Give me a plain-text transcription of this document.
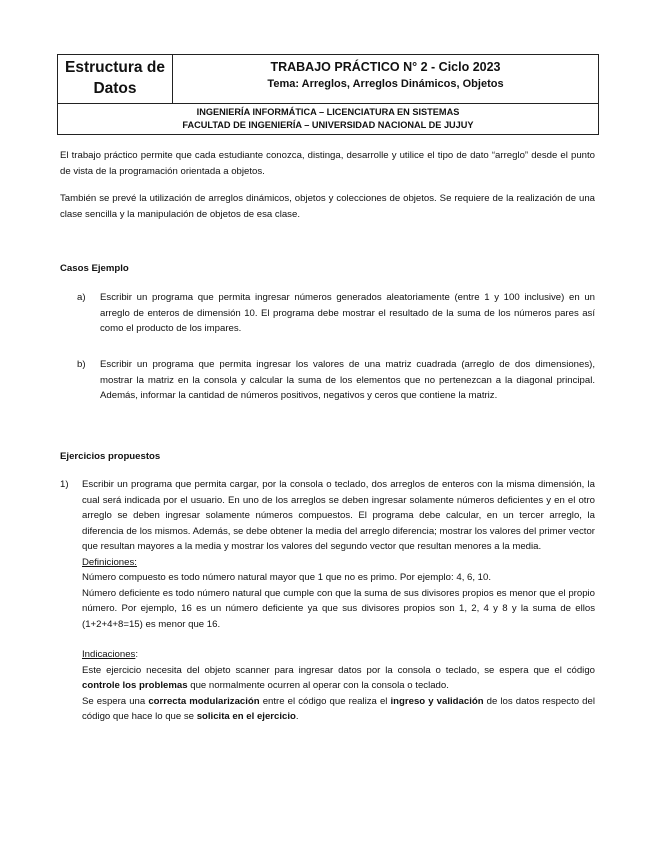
Estructura de Datos
TRABAJO PRÁCTICO N° 2 - Ciclo 2023
Tema: Arreglos, Arreglos Dinámicos, Objetos
INGENIERÍA INFORMÁTICA – LICENCIATURA EN SISTEMAS
FACULTAD DE INGENIERÍA – UNIVERSIDAD NACIONAL DE JUJUY
El trabajo práctico permite que cada estudiante conozca, distinga, desarrolle y utilice el tipo de dato “arreglo” desde el punto de vista de la programación orientada a objetos.
También se prevé la utilización de arreglos dinámicos, objetos y colecciones de objetos. Se requiere de la realización de una clase sencilla y la manipulación de objetos de esa clase.
Casos Ejemplo
a) Escribir un programa que permita ingresar números generados aleatoriamente (entre 1 y 100 inclusive) en un arreglo de enteros de dimensión 10. El programa debe mostrar el resultado de la suma de los números pares así como el producto de los impares.
b) Escribir un programa que permita ingresar los valores de una matriz cuadrada (arreglo de dos dimensiones), mostrar la matriz en la consola y calcular la suma de los elementos que no pertenezcan a la diagonal principal. Además, informar la cantidad de números positivos, negativos y ceros que contiene la matriz.
Ejercicios propuestos
1) Escribir un programa que permita cargar, por la consola o teclado, dos arreglos de enteros con la misma dimensión, la cual será indicada por el usuario. En uno de los arreglos se deben ingresar solamente números deficientes y en el otro arreglo se deben ingresar solamente números compuestos. El programa debe calcular, en un tercer arreglo, la diferencia de los mismos. Además, se debe obtener la media del arreglo diferencia; mostrar los valores del primer vector que resultan mayores a la media y mostrar los valores del segundo vector que resultan menores a la media.
Definiciones:
Número compuesto es todo número natural mayor que 1 que no es primo. Por ejemplo: 4, 6, 10.
Número deficiente es todo número natural que cumple con que la suma de sus divisores propios es menor que el propio número. Por ejemplo, 16 es un número deficiente ya que sus divisores propios son 1, 2, 4 y 8 y la suma de ellos (1+2+4+8=15) es menor que 16.
Indicaciones:
Este ejercicio necesita del objeto scanner para ingresar datos por la consola o teclado, se espera que el código controle los problemas que normalmente ocurren al operar con la consola o teclado.
Se espera una correcta modularización entre el código que realiza el ingreso y validación de los datos respecto del código que hace lo que se solicita en el ejercicio.
